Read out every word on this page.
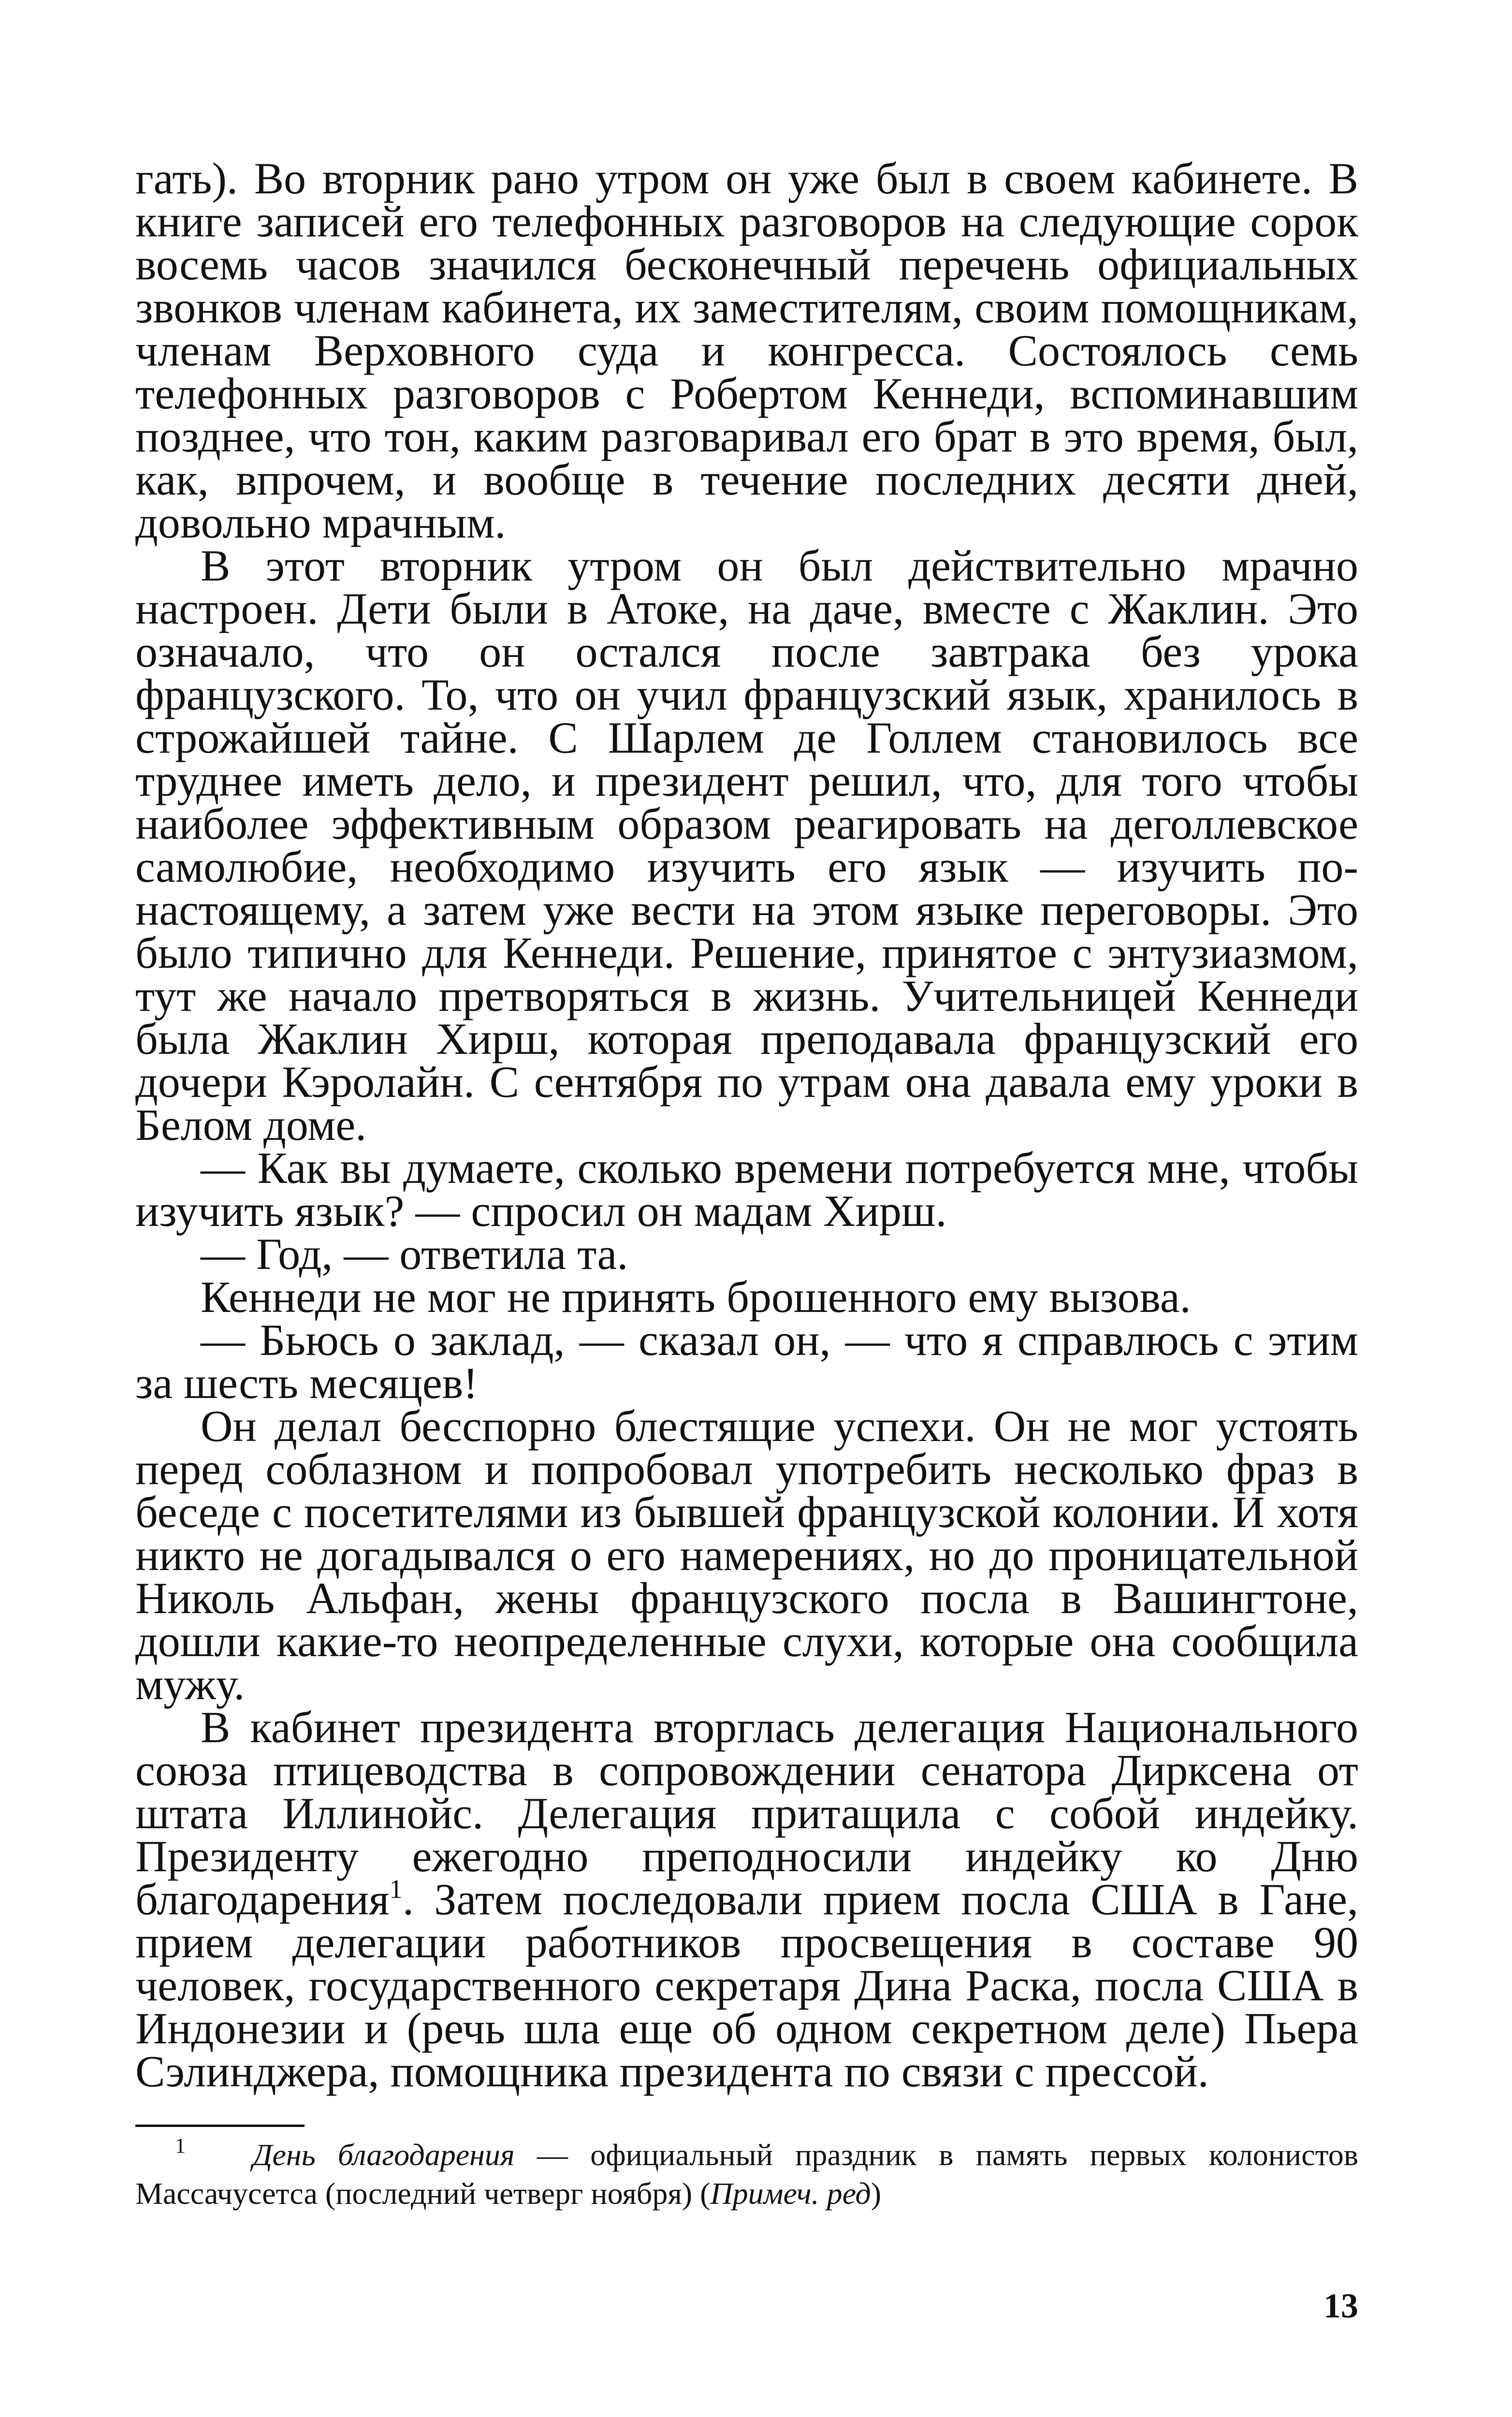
гать). Во вторник рано утром он уже был в своем кабинете. В книге записей его телефонных разговоров на следующие сорок восемь часов значился бесконечный перечень официальных звонков членам кабинета, их заместителям, своим помощникам, членам Верховного суда и конгресса. Состоялось семь телефонных разговоров с Робертом Кеннеди, вспоминавшим позднее, что тон, каким разговаривал его брат в это время, был, как, впрочем, и вообще в течение последних десяти дней, довольно мрачным.

В этот вторник утром он был действительно мрачно настроен. Дети были в Атоке, на даче, вместе с Жаклин. Это означало, что он остался после завтрака без урока французского. То, что он учил французский язык, хранилось в строжайшей тайне. С Шарлем де Голлем становилось все труднее иметь дело, и президент решил, что, для того чтобы наиболее эффективным образом реагировать на деголлевское самолюбие, необходимо изучить его язык — изучить по-настоящему, а затем уже вести на этом языке переговоры. Это было типично для Кеннеди. Решение, принятое с энтузиазмом, тут же начало претворяться в жизнь. Учительницей Кеннеди была Жаклин Хирш, которая преподавала французский его дочери Кэролайн. С сентября по утрам она давала ему уроки в Белом доме.

— Как вы думаете, сколько времени потребуется мне, чтобы изучить язык? — спросил он мадам Хирш.

— Год, — ответила та.

Кеннеди не мог не принять брошенного ему вызова.

— Бьюсь о заклад, — сказал он, — что я справлюсь с этим за шесть месяцев!

Он делал бесспорно блестящие успехи. Он не мог устоять перед соблазном и попробовал употребить несколько фраз в беседе с посетителями из бывшей французской колонии. И хотя никто не догадывался о его намерениях, но до проницательной Николь Альфан, жены французского посла в Вашингтоне, дошли какие-то неопределенные слухи, которые она сообщила мужу.

В кабинет президента вторглась делегация Национального союза птицеводства в сопровождении сенатора Дирксена от штата Иллинойс. Делегация притащила с собой индейку. Президенту ежегодно преподносили индейку ко Дню благодарения$^1$. Затем последовали прием посла США в Гане, прием делегации работников просвещения в составе 90 человек, государственного секретаря Дина Раска, посла США в Индонезии и (речь шла еще об одном секретном деле) Пьера Сэлинджера, помощника президента по связи с прессой.

$^1$ День благодарения — официальный праздник в память первых колонистов Массачусетса (последний четверг ноября) (Примеч. ред)
13
